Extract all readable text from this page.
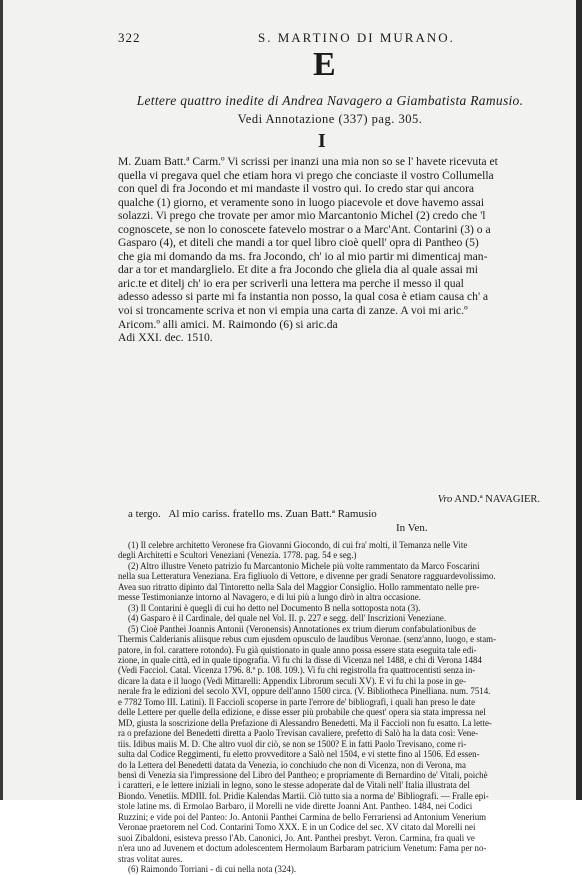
322	S. MARTINO DI MURANO.
E
Lettere quattro inedite di Andrea Navagero a Giambatista Ramusio.
Vedi Annotazione (337) pag. 305.
I
M. Zuam Batt.ª Carm.º Vi scrissi per inanzi una mia non so se l' havete ricevuta et
quella vi pregava quel che etiam hora vi prego che conciaste il vostro Collumella
con quel di fra Jocondo et mi mandaste il vostro qui. Io credo star qui ancora
qualche (1) giorno, et veramente sono in luogo piacevole et dove havemo assai
solazzi. Vi prego che trovate per amor mio Marcantonio Michel (2) credo che 'l
cognoscete, se non lo conoscete fatevelo mostrar o a Marc'Ant. Contarini (3) o a
Gasparo (4), et diteli che mandi a tor quel libro cioè quell' opra di Pantheo (5)
che gia mi domando da ms. fra Jocondo, ch' io al mio partir mi dimenticaj man-
dar a tor et mandarglielo. Et dite a fra Jocondo che gliela dia al quale assai mi
aric.te et ditelj ch' io era per scriverli una lettera ma perche il messo il qual
adesso adesso si parte mi fa instantia non posso, la qual cosa è etiam causa ch' a
voi si troncamente scriva et non vi empia una carta di zanze. A voi mi aric.º
Aricom.º alli amici. M. Raimondo (6) si aric.da
Adi XXI. dec. 1510.
Vro AND.ª NAVAGIER.
a tergo. Al mio cariss. fratello ms. Zuan Batt.ª Ramusio
In Ven.
(1) Il celebre architetto Veronese fra Giovanni Giocondo, di cui fra' molti, il Temanza nelle Vite
degli Architetti e Scultori Veneziani (Venezia. 1778. pag. 54 e seg.)
(2) Altro illustre Veneto patrizio fu Marcantonio Michele più volte rammentato da Marco Foscarini
nella sua Letteratura Veneziana. Era figliuolo di Vettore, e divenne per gradi Senatore ragguardevolissimo.
Avea suo ritratto dipinto dal Tintoretto nella Sala del Maggior Consiglio. Hollo rammentato nelle pre-
messe Testimonianze intorno al Navagero, e di lui più a lungo dirò in altra occasione.
(3) Il Contarini è quegli di cui ho detto nel Documento B nella sottoposta nota (3).
(4) Gasparo è il Cardinale, del quale nel Vol. II. p. 227 e segg. dell' Inscrizioni Veneziane.
(5) Cioè Panthei Joannis Antonii (Veronensis) Annotationes ex trium dierum confabulationibus de
Thermis Calderianis aliisque rebus cum ejusdem opusculo de laudibus Veronae. (senz'anno, luogo, e stam-
patore, in fol. carattere rotondo). Fu già quistionato in quale anno possa essere stata eseguita tale edi-
zione, in quale città, ed in quale tipografia. Vi fu chi la disse di Vicenza nel 1488, e chi di Verona 1484
(Vedi Facciol. Catal. Vicenza 1796. 8.º p. 108. 109.). Vi fu chi registrolla fra quattrocentisti senza in-
dicare la data e il luogo (Vedi Mittarelli: Appendix Librorum seculi XV). E vi fu chi la pose in ge-
nerale fra le edizioni del secolo XVI, oppure dell'anno 1500 circa. (V. Bibliotheca Pinelliana. num. 7514.
e 7782 Tomo III. Latini). Il Facciolì scoperse in parte l'errore de' bibliografi, i quali han preso le date
delle Lettere per quelle della edizione, e disse esser più probabile che quest' opera sia stata impressa nel
MD, giusta la soscrizione della Prefazione di Alessandro Benedetti. Ma il Faccioli non fu esatto. La lette-
ra o prefazione del Benedetti diretta a Paolo Trevisan cavaliere, prefetto di Salò ha la data così: Vene-
tiis. Idibus maiis M. D. Che altro vuol dir ciò, se non se 1500? E in fatti Paolo Trevisano, come ri-
sulta dal Codice Reggimenti, fu eletto provveditore a Salò nel 1504, e vi stette fino al 1506. Ed essen-
do la Lettera del Benedetti datata da Venezia, io conchiudo che non di Vicenza, non di Verona, ma
bensì di Venezia sia l'impressione del Libro del Pantheo; e propriamente di Bernardino de' Vitali, poichè
i caratteri, e le lettere iniziali in legno, sono le stesse adoperate dal de Vitali nell' Italia illustrata del
Biondo. Venetiis. MDIII. fol. Pridie Kalendas Martii. Ciò tutto sia a norma de' Bibliografi. — Fralle epi-
stole latine ms. di Ermolao Barbaro, il Morelli ne vide dirette Joanni Ant. Pantheo. 1484, nei Codici
Ruzzini; e vide poi del Panteo: Jo. Antonii Panthei Carmina de bello Ferrariensi ad Antonium Venerium
Veronae praetorem nel Cod. Contarini Tomo XXX. E in un Codice del sec. XV citato dal Morelli nei
suoi Zibaldoni, esisteva presso l'Ab. Canonici, Jo. Ant. Panthei presbyt. Veron. Carmina, fra quali ve
n'era uno ad Juvenem et doctum adolescentem Hermolaum Barbaram patricium Venetum: Fama per no-
stras volitat aures.
(6) Raimondo Torriani - di cui nella nota (324).
